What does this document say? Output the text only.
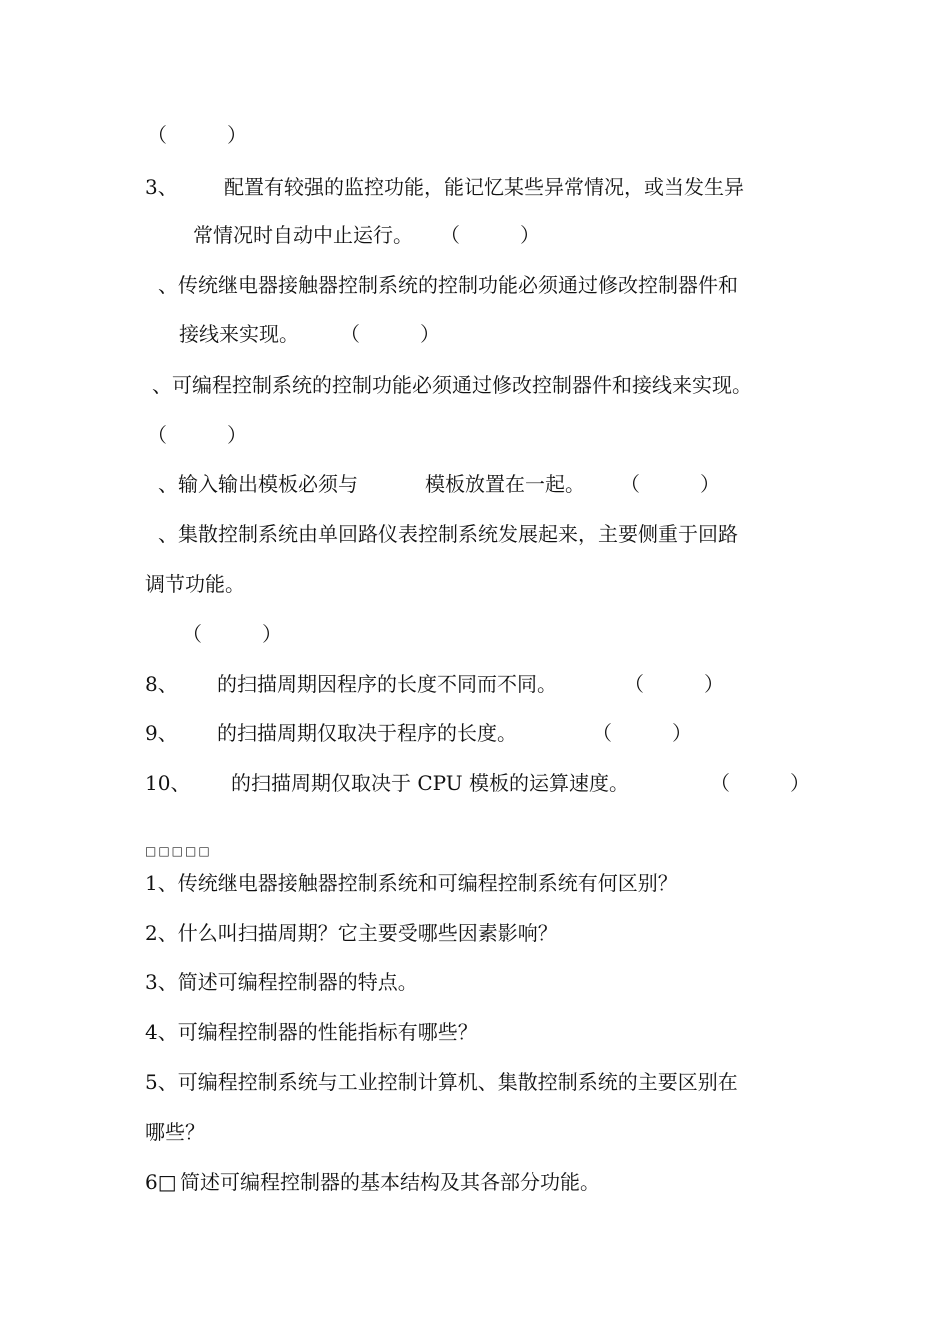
（　　　）
3、 配置有较强的监控功能，能记忆某些异常情况，或当发生异
常情况时自动中止运行。 （　　　）
、传统继电器接触器控制系统的控制功能必须通过修改控制器件和
接线来实现。 （　　　）
、可编程控制系统的控制功能必须通过修改控制器件和接线来实现。
（　　　）
、输入输出模板必须与	模板放置在一起。 （　　　）
、集散控制系统由单回路仪表控制系统发展起来，主要侧重于回路
调节功能。
（　　　）
8、 的扫描周期因程序的长度不同而不同。	（　　　）
9、 的扫描周期仅取决于程序的长度。	（　　　）
10、 的扫描周期仅取决于 CPU 模板的运算速度。	（　　　）
□□□□□
1、传统继电器接触器控制系统和可编程控制系统有何区别？
2、什么叫扫描周期？它主要受哪些因素影响？
3、简述可编程控制器的特点。
4、可编程控制器的性能指标有哪些？
5、可编程控制系统与工业控制计算机、集散控制系统的主要区别在
哪些？
6□ 简述可编程控制器的基本结构及其各部分功能。
